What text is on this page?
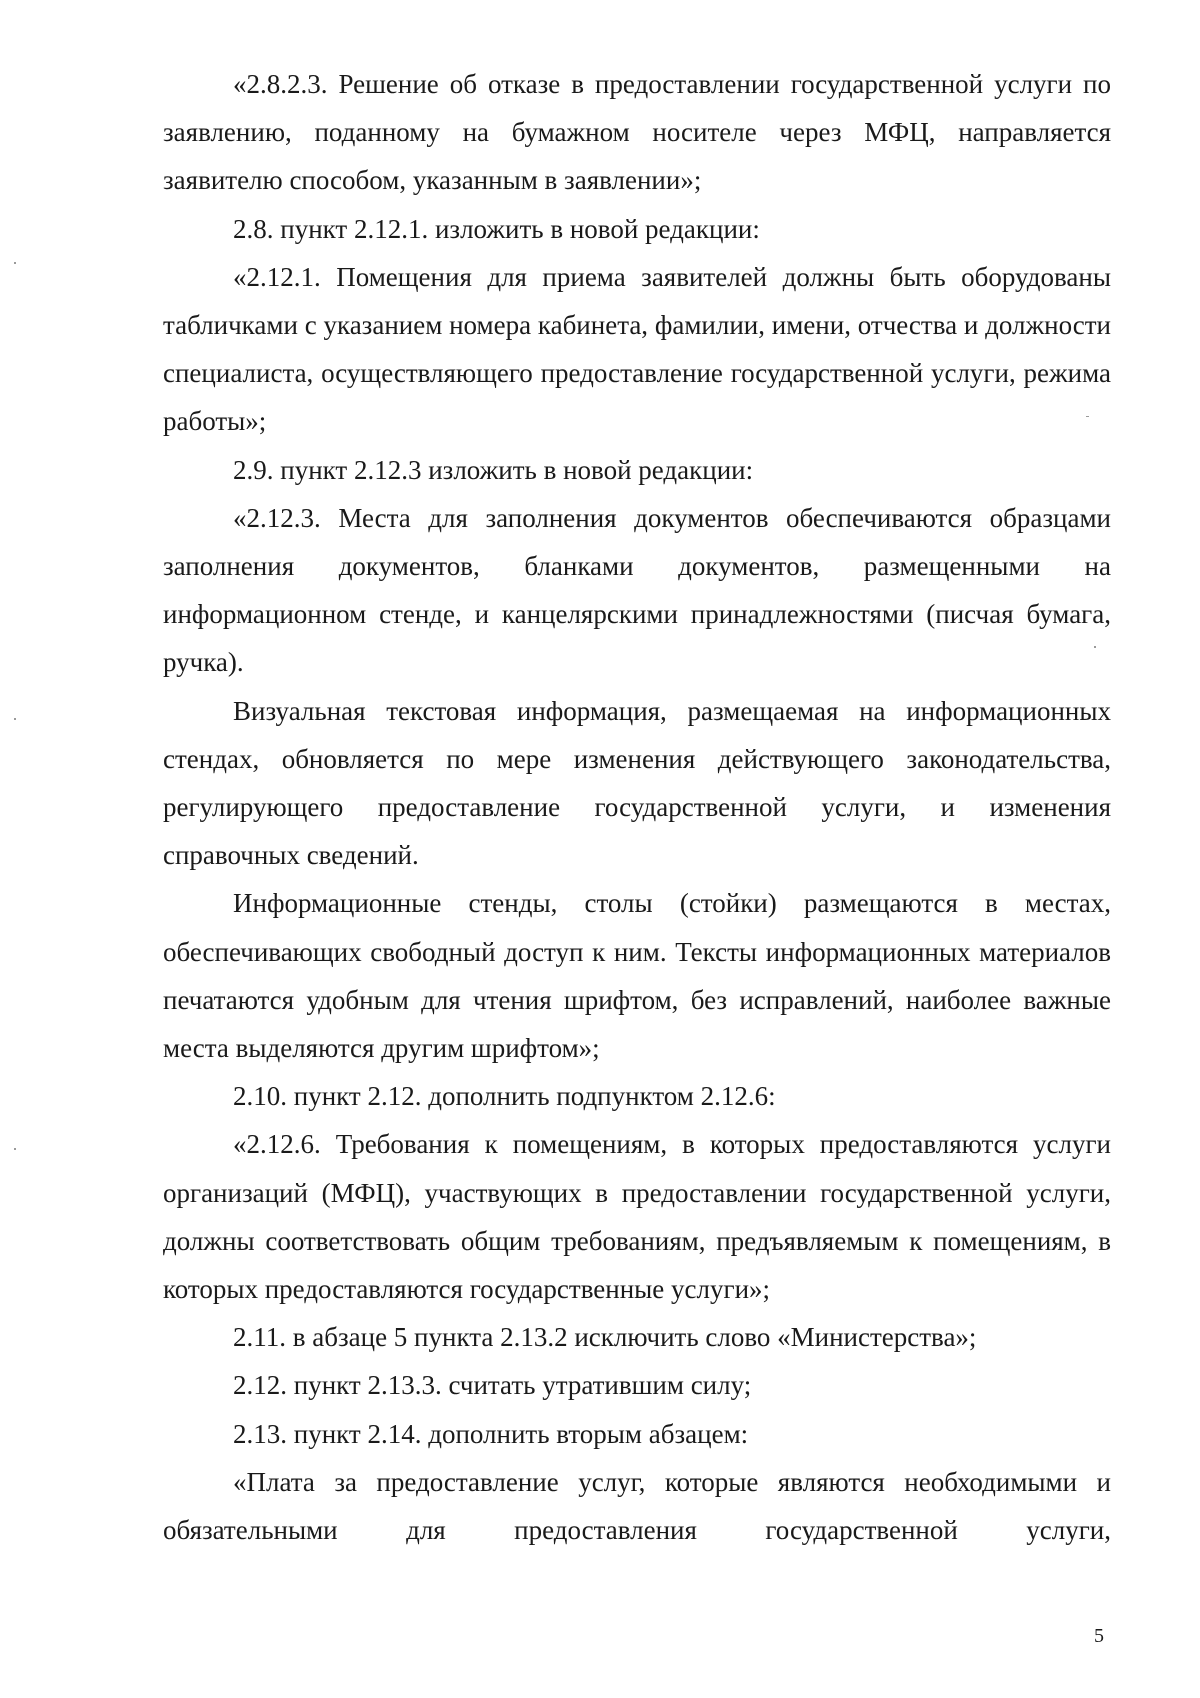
«2.8.2.3. Решение об отказе в предоставлении государственной услуги по заявлению, поданному на бумажном носителе через МФЦ, направляется заявителю способом, указанным в заявлении»;

2.8. пункт 2.12.1. изложить в новой редакции:

«2.12.1. Помещения для приема заявителей должны быть оборудованы табличками с указанием номера кабинета, фамилии, имени, отчества и должности специалиста, осуществляющего предоставление государственной услуги, режима работы»;

2.9. пункт 2.12.3 изложить в новой редакции:

«2.12.3. Места для заполнения документов обеспечиваются образцами заполнения документов, бланками документов, размещенными на информационном стенде, и канцелярскими принадлежностями (писчая бумага, ручка).

Визуальная текстовая информация, размещаемая на информационных стендах, обновляется по мере изменения действующего законодательства, регулирующего предоставление государственной услуги, и изменения справочных сведений.

Информационные стенды, столы (стойки) размещаются в местах, обеспечивающих свободный доступ к ним. Тексты информационных материалов печатаются удобным для чтения шрифтом, без исправлений, наиболее важные места выделяются другим шрифтом»;

2.10. пункт 2.12. дополнить подпунктом 2.12.6:

«2.12.6. Требования к помещениям, в которых предоставляются услуги организаций (МФЦ), участвующих в предоставлении государственной услуги, должны соответствовать общим требованиям, предъявляемым к помещениям, в которых предоставляются государственные услуги»;

2.11. в абзаце 5 пункта 2.13.2 исключить слово «Министерства»;

2.12. пункт 2.13.3. считать утратившим силу;

2.13. пункт 2.14. дополнить вторым абзацем:

«Плата за предоставление услуг, которые являются необходимыми и обязательными для предоставления государственной услуги,

5
